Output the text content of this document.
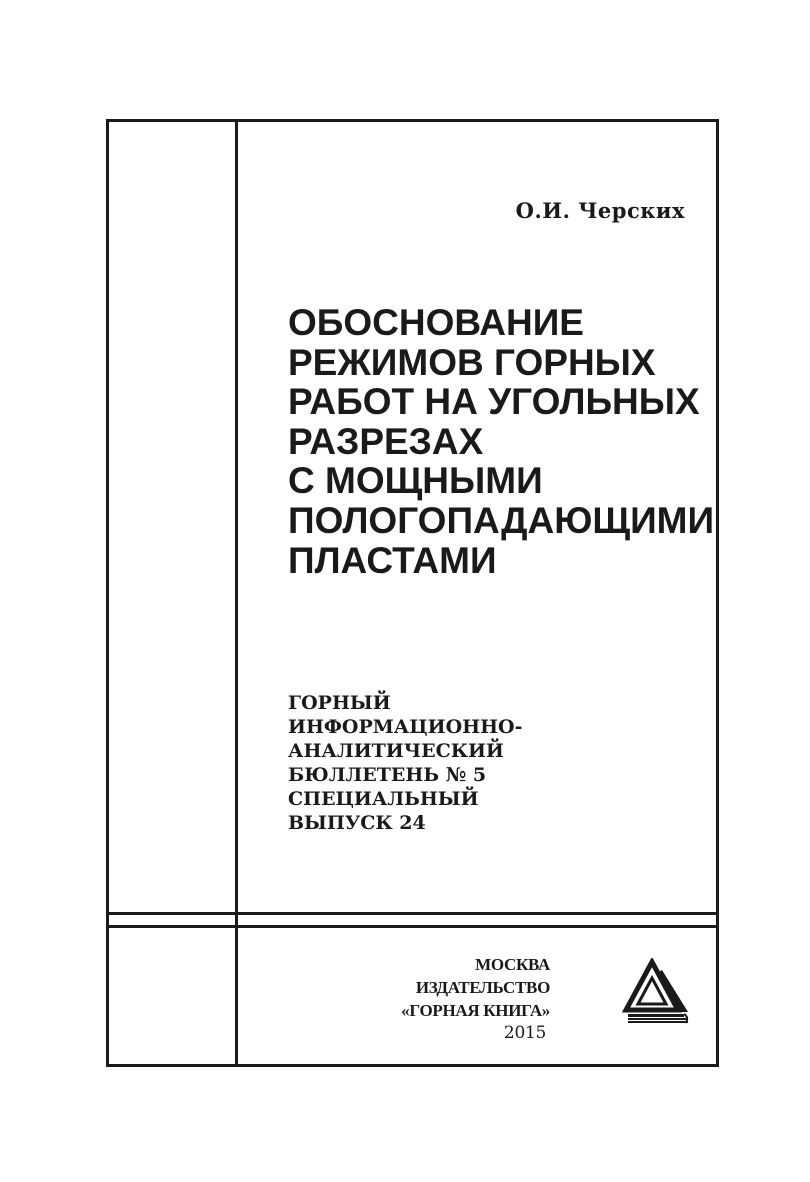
О.И. Черских
ОБОСНОВАНИЕ
РЕЖИМОВ ГОРНЫХ
РАБОТ НА УГОЛЬНЫХ
РАЗРЕЗАХ
С МОЩНЫМИ
ПОЛОГОПАДАЮЩИМИ
ПЛАСТАМИ
ГОРНЫЙ
ИНФОРМАЦИОННО-
АНАЛИТИЧЕСКИЙ
БЮЛЛЕТЕНЬ № 5
СПЕЦИАЛЬНЫЙ
ВЫПУСК 24
МОСКВА
ИЗДАТЕЛЬСТВО
«ГОРНАЯ КНИГА»
2015
